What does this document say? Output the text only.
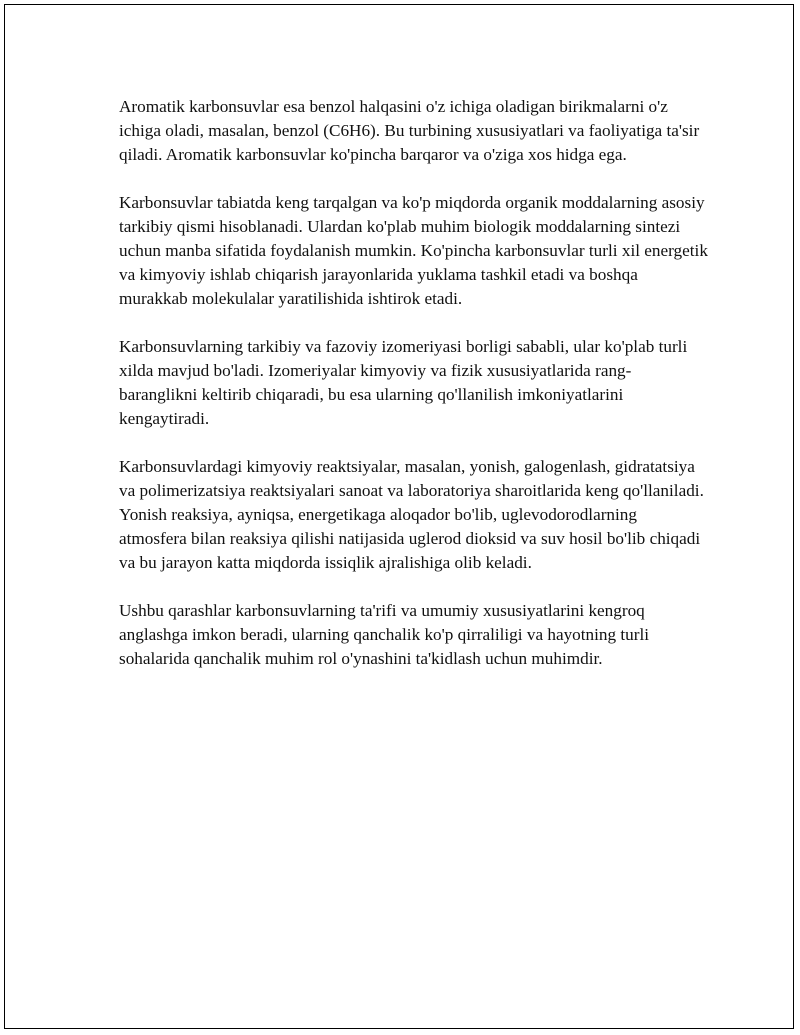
Aromatik karbonsuvlar esa benzol halqasini o'z ichiga oladigan birikmalarni o'z ichiga oladi, masalan, benzol (C6H6). Bu turbining xususiyatlari va faoliyatiga ta'sir qiladi. Aromatik karbonsuvlar ko'pincha barqaror va o'ziga xos hidga ega.

Karbonsuvlar tabiatda keng tarqalgan va ko'p miqdorda organik moddalarning asosiy tarkibiy qismi hisoblanadi. Ulardan ko'plab muhim biologik moddalarning sintezi uchun manba sifatida foydalanish mumkin. Ko'pincha karbonsuvlar turli xil energetik va kimyoviy ishlab chiqarish jarayonlarida yuklama tashkil etadi va boshqa murakkab molekulalar yaratilishida ishtirok etadi.

Karbonsuvlarning tarkibiy va fazoviy izomeriyasi borligi sababli, ular ko'plab turli xilda mavjud bo'ladi. Izomeriyalar kimyoviy va fizik xususiyatlarida rang-baranglikni keltirib chiqaradi, bu esa ularning qo'llanilish imkoniyatlarini kengaytiradi.

Karbonsuvlardagi kimyoviy reaktsiyalar, masalan, yonish, galogenlash, gidratatsiya va polimerizatsiya reaktsiyalari sanoat va laboratoriya sharoitlarida keng qo'llaniladi. Yonish reaksiya, ayniqsa, energetikaga aloqador bo'lib, uglevodorodlarning atmosfera bilan reaksiya qilishi natijasida uglerod dioksid va suv hosil bo'lib chiqadi va bu jarayon katta miqdorda issiqlik ajralishiga olib keladi.

Ushbu qarashlar karbonsuvlarning ta'rifi va umumiy xususiyatlarini kengroq anglashga imkon beradi, ularning qanchalik ko'p qirraliligi va hayotning turli sohalarida qanchalik muhim rol o'ynashini ta'kidlash uchun muhimdir.
